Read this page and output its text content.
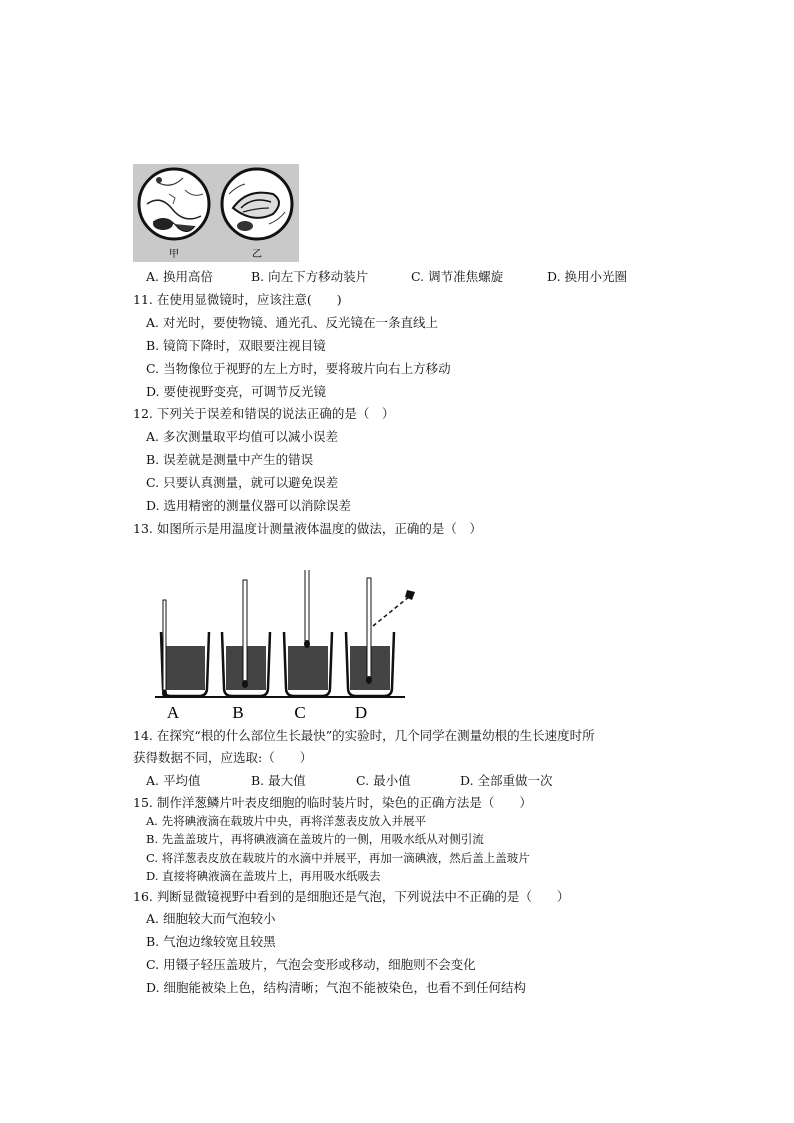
甲	乙
A. 换用高倍	B. 向左下方移动装片	C. 调节准焦螺旋	D. 换用小光圈
11. 在使用显微镜时，应该注意(　　)
A. 对光时，要使物镜、通光孔、反光镜在一条直线上
B. 镜筒下降时，双眼要注视目镜
C. 当物像位于视野的左上方时，要将玻片向右上方移动
D. 要使视野变亮，可调节反光镜
12. 下列关于误差和错误的说法正确的是（　）
A. 多次测量取平均值可以减小误差
B. 误差就是测量中产生的错误
C. 只要认真测量，就可以避免误差
D. 选用精密的测量仪器可以消除误差
13. 如图所示是用温度计测量液体温度的做法，正确的是（　）
A	B	C	D
14. 在探究“根的什么部位生长最快”的实验时，几个同学在测量幼根的生长速度时所
获得数据不同，应选取:（　　）
A. 平均值	B. 最大值	C. 最小值	D. 全部重做一次
15. 制作洋葱鳞片叶表皮细胞的临时装片时，染色的正确方法是（　　）
A. 先将碘液滴在载玻片中央，再将洋葱表皮放入并展平
B. 先盖盖玻片，再将碘液滴在盖玻片的一侧，用吸水纸从对侧引流
C. 将洋葱表皮放在载玻片的水滴中并展平，再加一滴碘液，然后盖上盖玻片
D. 直接将碘液滴在盖玻片上，再用吸水纸吸去
16. 判断显微镜视野中看到的是细胞还是气泡，下列说法中不正确的是（　　）
A. 细胞较大而气泡较小
B. 气泡边缘较宽且较黑
C. 用镊子轻压盖玻片，气泡会变形或移动，细胞则不会变化
D. 细胞能被染上色，结构清晰；气泡不能被染色，也看不到任何结构
